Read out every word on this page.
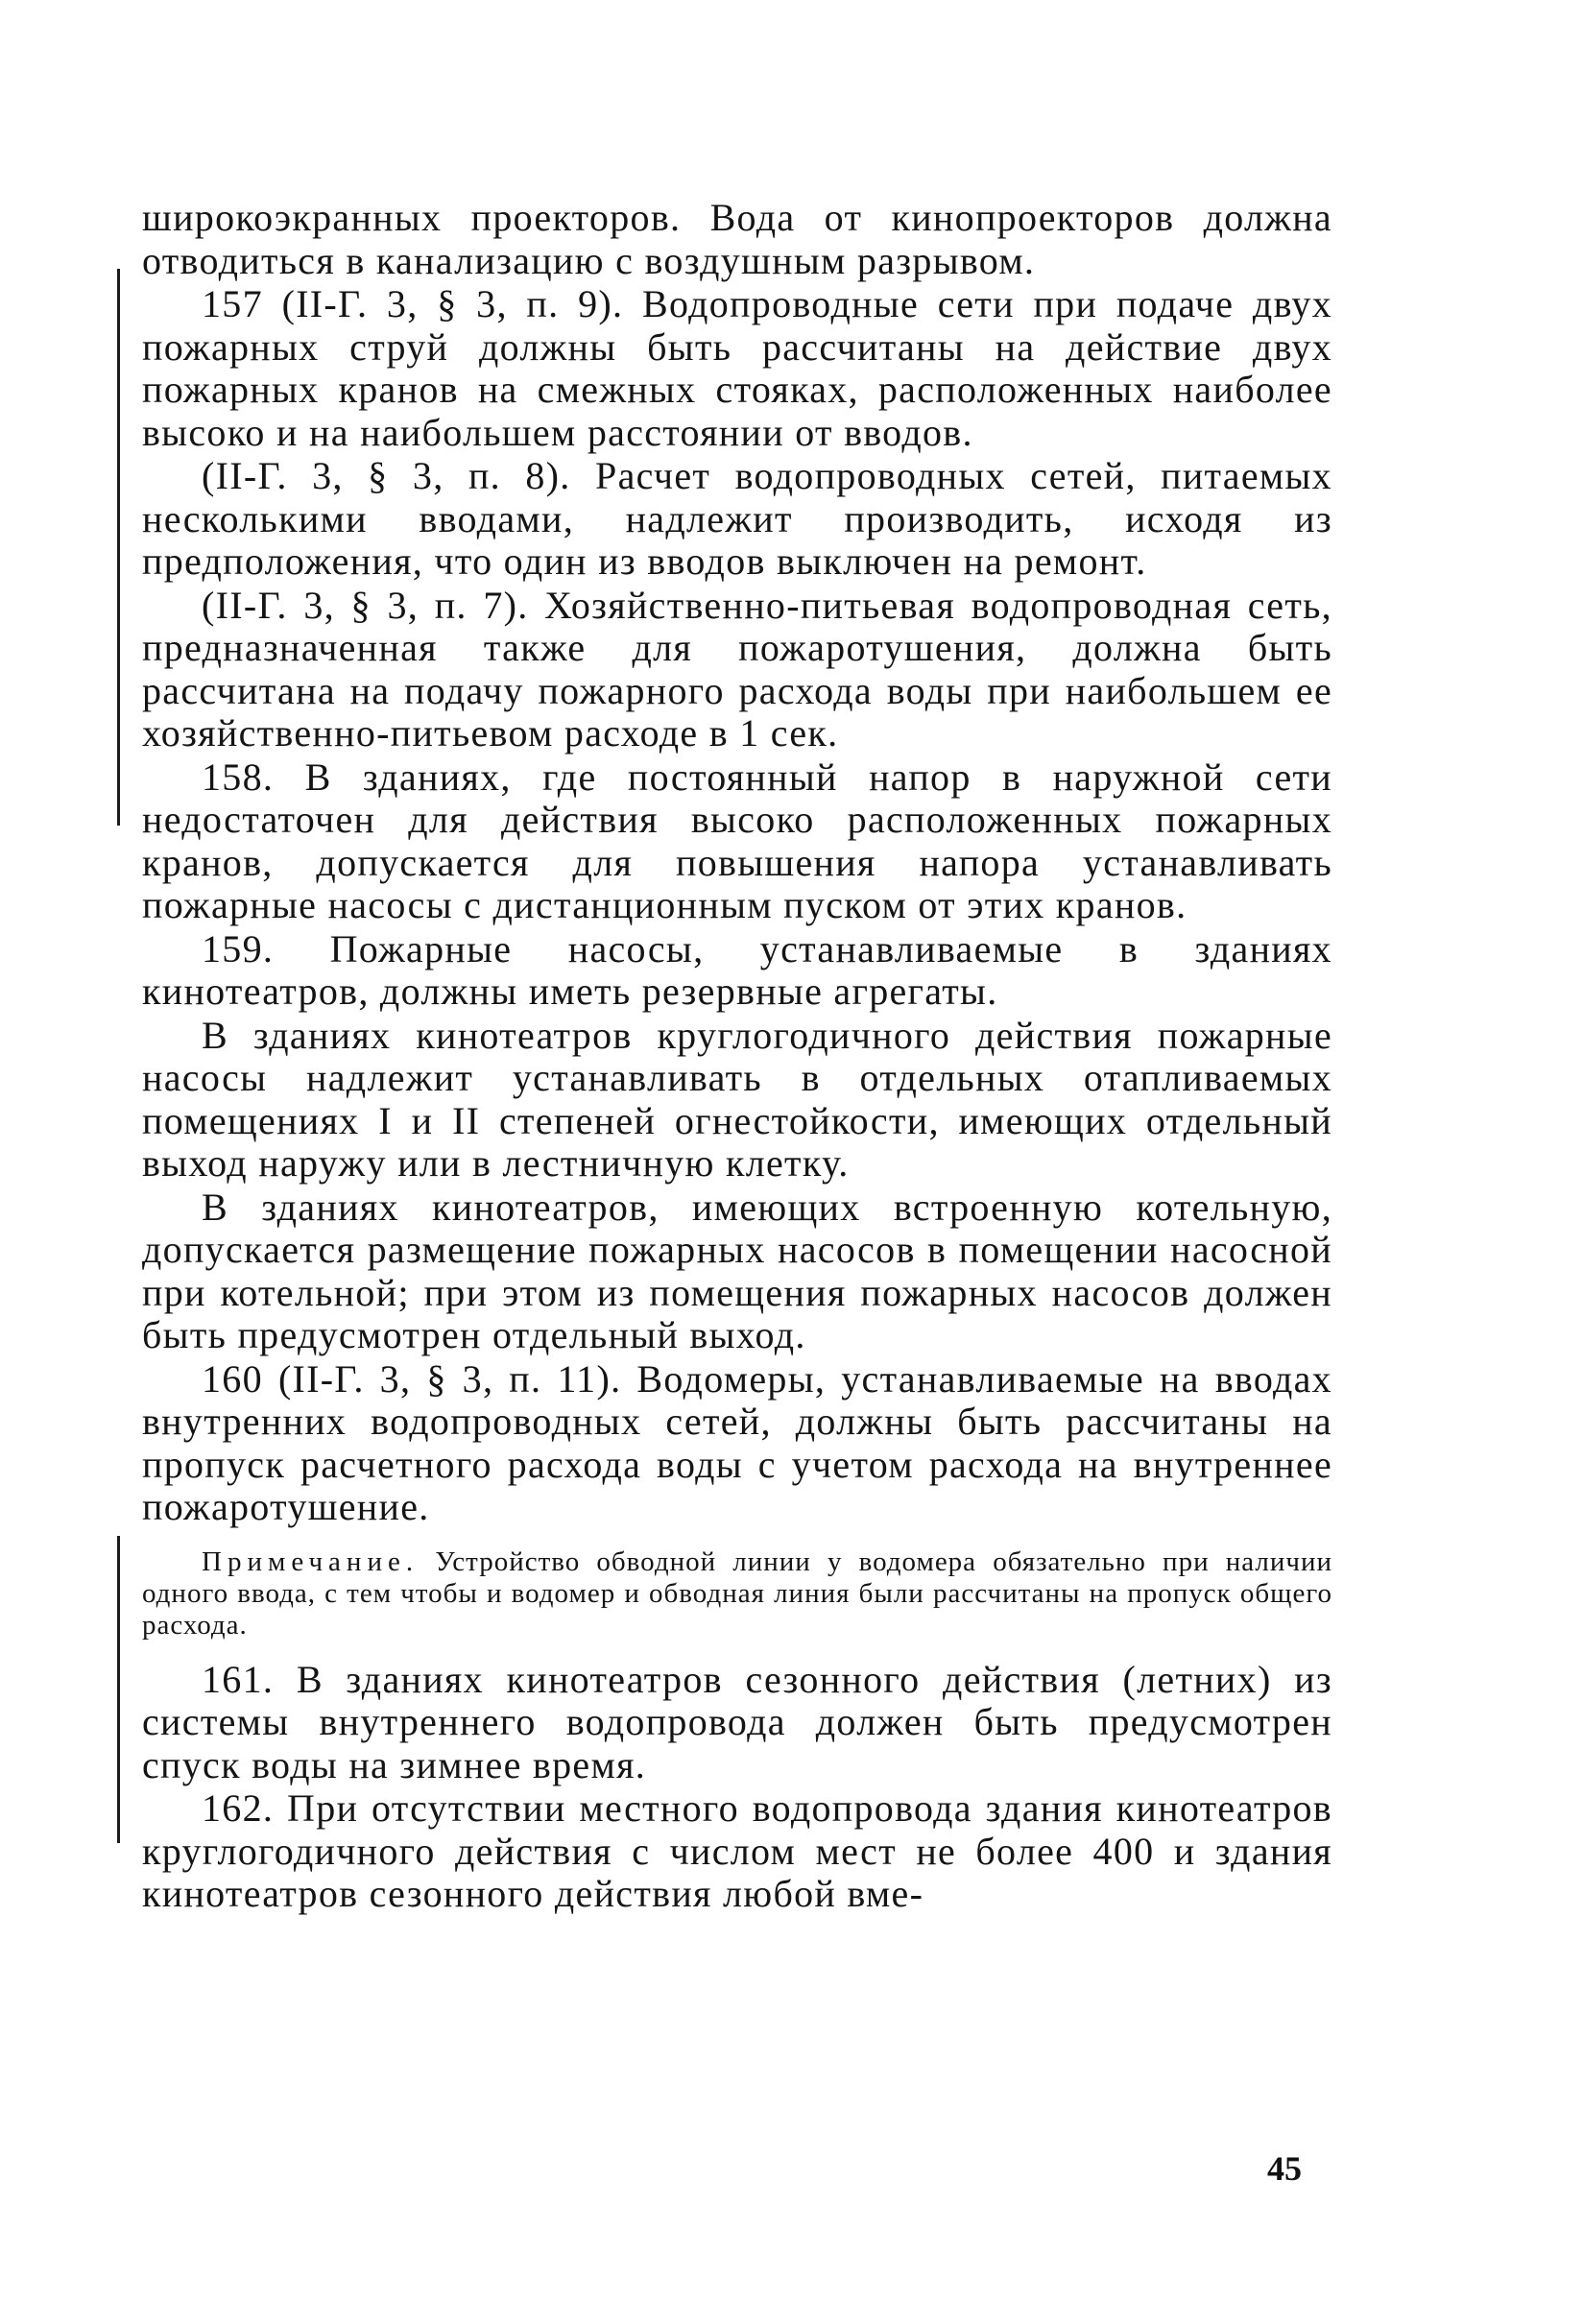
широкоэкранных проекторов. Вода от кинопроекторов должна отводиться в канализацию с воздушным разрывом.

157 (II-Г. 3, § 3, п. 9). Водопроводные сети при подаче двух пожарных струй должны быть рассчитаны на действие двух пожарных кранов на смежных стояках, расположенных наиболее высоко и на наибольшем расстоянии от вводов.

(II-Г. 3, § 3, п. 8). Расчет водопроводных сетей, питаемых несколькими вводами, надлежит производить, исходя из предположения, что один из вводов выключен на ремонт.

(II-Г. 3, § 3, п. 7). Хозяйственно-питьевая водопроводная сеть, предназначенная также для пожаротушения, должна быть рассчитана на подачу пожарного расхода воды при наибольшем ее хозяйственно-питьевом расходе в 1 сек.

158. В зданиях, где постоянный напор в наружной сети недостаточен для действия высоко расположенных пожарных кранов, допускается для повышения напора устанавливать пожарные насосы с дистанционным пуском от этих кранов.

159. Пожарные насосы, устанавливаемые в зданиях кинотеатров, должны иметь резервные агрегаты.

В зданиях кинотеатров круглогодичного действия пожарные насосы надлежит устанавливать в отдельных отапливаемых помещениях I и II степеней огнестойкости, имеющих отдельный выход наружу или в лестничную клетку.

В зданиях кинотеатров, имеющих встроенную котельную, допускается размещение пожарных насосов в помещении насосной при котельной; при этом из помещения пожарных насосов должен быть предусмотрен отдельный выход.

160 (II-Г. 3, § 3, п. 11). Водомеры, устанавливаемые на вводах внутренних водопроводных сетей, должны быть рассчитаны на пропуск расчетного расхода воды с учетом расхода на внутреннее пожаротушение.

Примечание. Устройство обводной линии у водомера обязательно при наличии одного ввода, с тем чтобы и водомер и обводная линия были рассчитаны на пропуск общего расхода.

161. В зданиях кинотеатров сезонного действия (летних) из системы внутреннего водопровода должен быть предусмотрен спуск воды на зимнее время.

162. При отсутствии местного водопровода здания кинотеатров круглогодичного действия с числом мест не более 400 и здания кинотеатров сезонного действия любой вме-

45
